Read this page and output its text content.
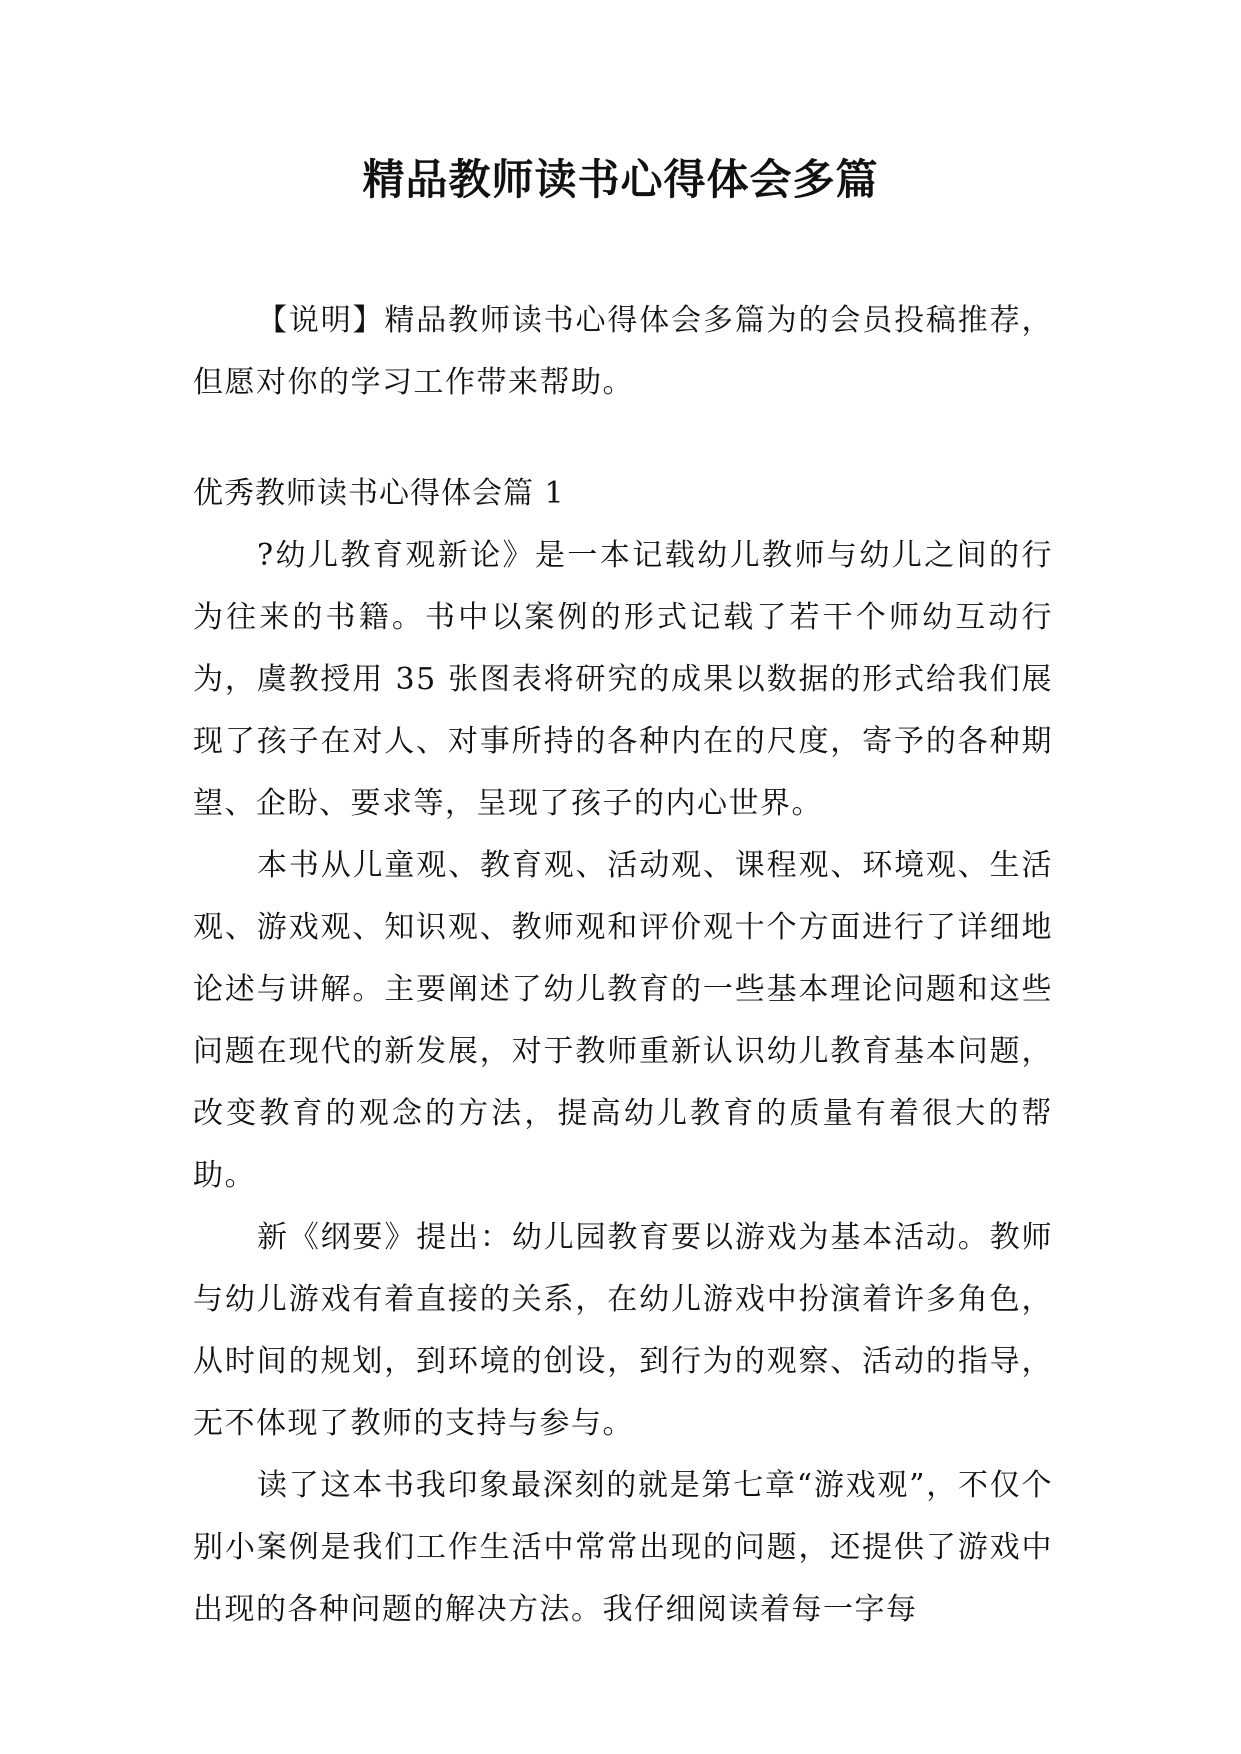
精品教师读书心得体会多篇
【说明】精品教师读书心得体会多篇为的会员投稿推荐，但愿对你的学习工作带来帮助。
优秀教师读书心得体会篇 1

?幼儿教育观新论》是一本记载幼儿教师与幼儿之间的行为往来的书籍。书中以案例的形式记载了若干个师幼互动行为，虞教授用 35 张图表将研究的成果以数据的形式给我们展现了孩子在对人、对事所持的各种内在的尺度，寄予的各种期望、企盼、要求等，呈现了孩子的内心世界。

本书从儿童观、教育观、活动观、课程观、环境观、生活观、游戏观、知识观、教师观和评价观十个方面进行了详细地论述与讲解。主要阐述了幼儿教育的一些基本理论问题和这些问题在现代的新发展，对于教师重新认识幼儿教育基本问题，改变教育的观念的方法，提高幼儿教育的质量有着很大的帮助。

新《纲要》提出：幼儿园教育要以游戏为基本活动。教师与幼儿游戏有着直接的关系，在幼儿游戏中扮演着许多角色，从时间的规划，到环境的创设，到行为的观察、活动的指导，无不体现了教师的支持与参与。

读了这本书我印象最深刻的就是第七章“游戏观”，不仅个别小案例是我们工作生活中常常出现的问题，还提供了游戏中出现的各种问题的解决方法。我仔细阅读着每一字每
